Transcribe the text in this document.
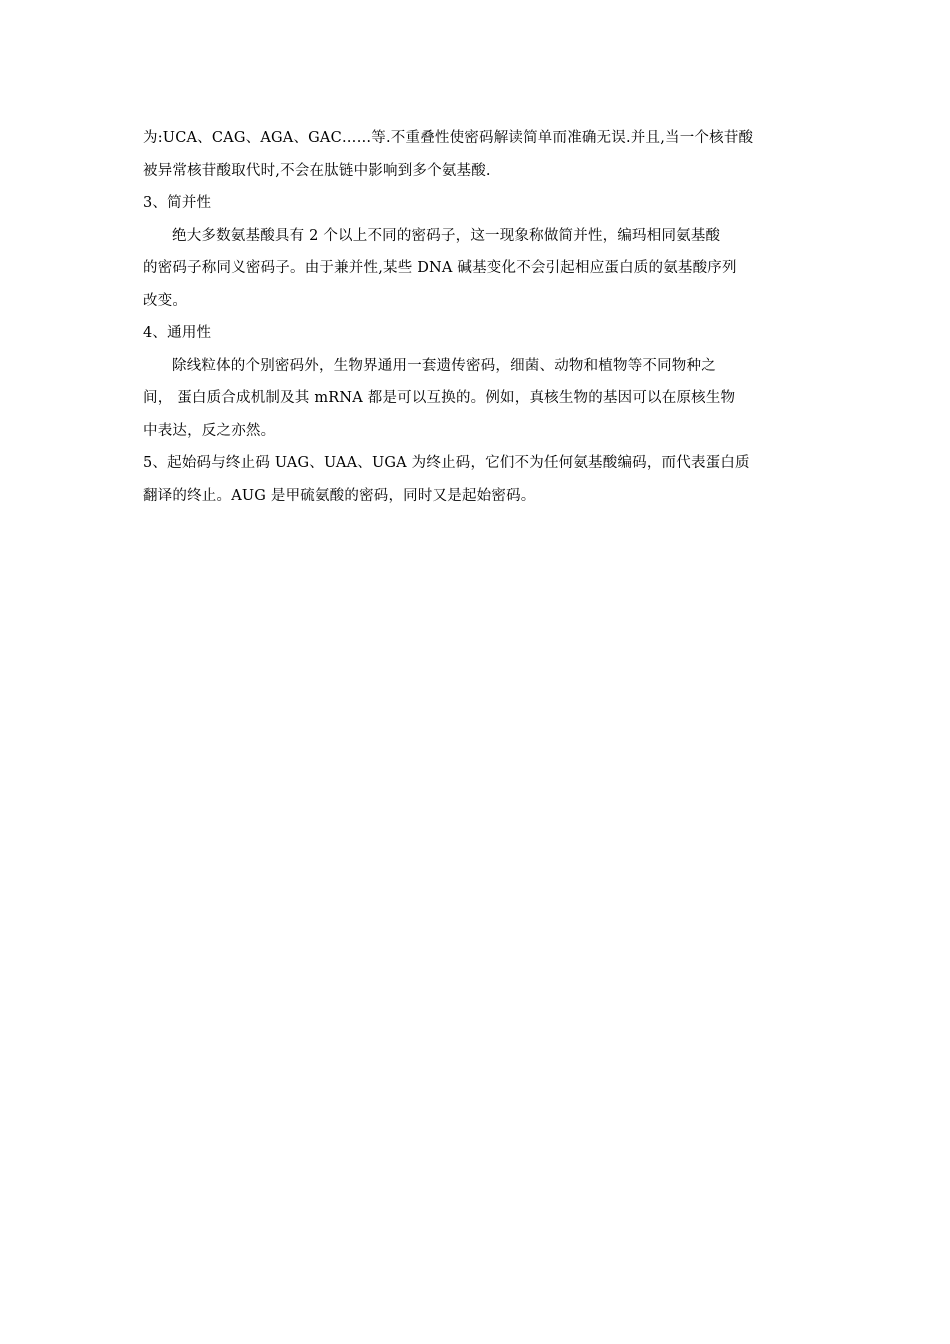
为:UCA、CAG、AGA、GAC……等.不重叠性使密码解读简单而准确无误.并且,当一个核苷酸
被异常核苷酸取代时,不会在肽链中影响到多个氨基酸.
3、简并性
绝大多数氨基酸具有 2 个以上不同的密码子，这一现象称做简并性，编玛相同氨基酸
的密码子称同义密码子。由于兼并性,某些 DNA 碱基变化不会引起相应蛋白质的氨基酸序列
改变。
4、通用性
除线粒体的个别密码外，生物界通用一套遗传密码，细菌、动物和植物等不同物种之
间， 蛋白质合成机制及其 mRNA 都是可以互换的。例如，真核生物的基因可以在原核生物
中表达，反之亦然。
5、起始码与终止码 UAG、UAA、UGA 为终止码，它们不为任何氨基酸编码，而代表蛋白质
翻译的终止。AUG 是甲硫氨酸的密码，同时又是起始密码。
